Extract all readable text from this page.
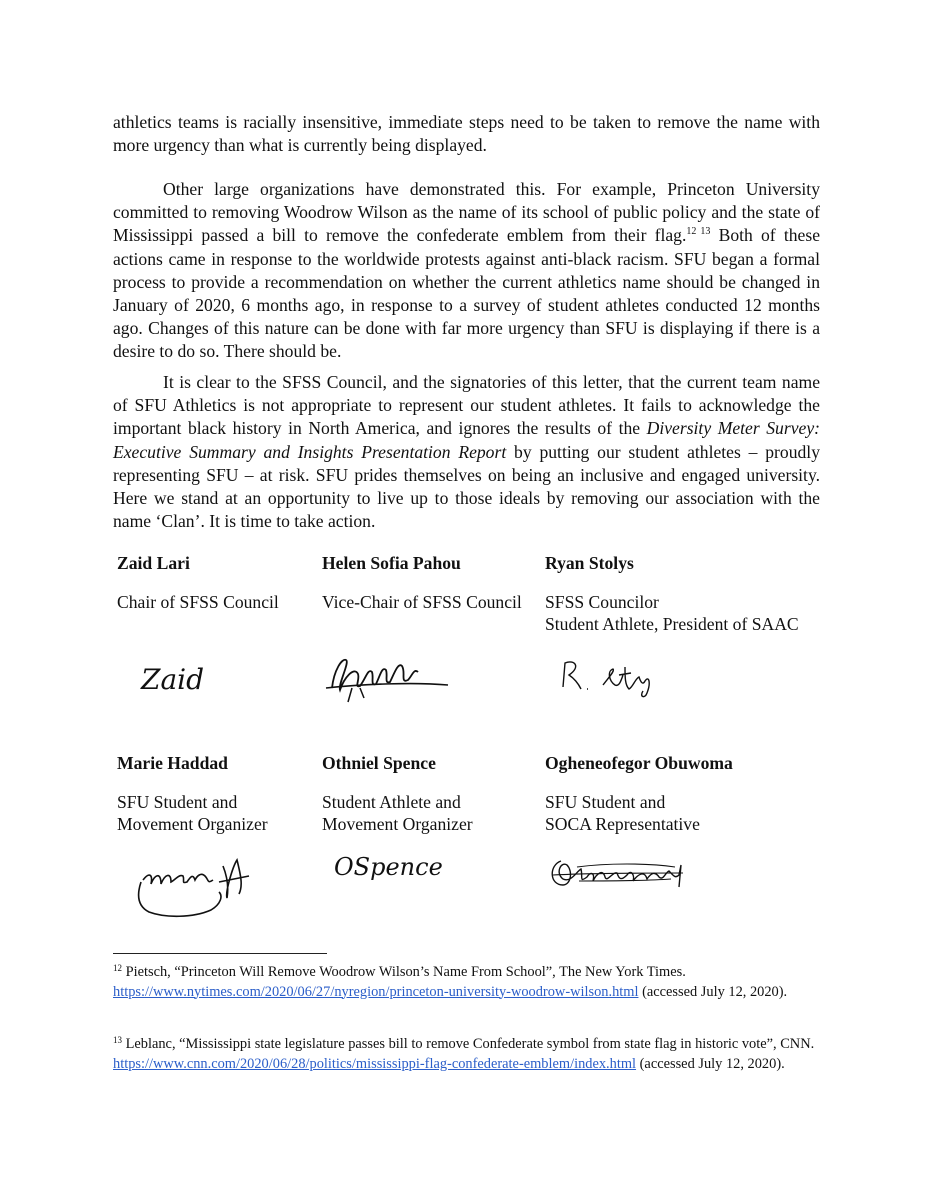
athletics teams is racially insensitive, immediate steps need to be taken to remove the name with more urgency than what is currently being displayed.

Other large organizations have demonstrated this. For example, Princeton University committed to removing Woodrow Wilson as the name of its school of public policy and the state of Mississippi passed a bill to remove the confederate emblem from their flag.$^{12}$ $^{13}$ Both of these actions came in response to the worldwide protests against anti-black racism. SFU began a formal process to provide a recommendation on whether the current athletics name should be changed in January of 2020, 6 months ago, in response to a survey of student athletes conducted 12 months ago. Changes of this nature can be done with far more urgency than SFU is displaying if there is a desire to do so. There should be.

It is clear to the SFSS Council, and the signatories of this letter, that the current team name of SFU Athletics is not appropriate to represent our student athletes. It fails to acknowledge the important black history in North America, and ignores the results of the Diversity Meter Survey: Executive Summary and Insights Presentation Report by putting our student athletes – proudly representing SFU – at risk. SFU prides themselves on being an inclusive and engaged university. Here we stand at an opportunity to live up to those ideals by removing our association with the name ‘Clan’. It is time to take action.

Zaid Lari
Chair of SFSS Council
Zaid
Helen Sofia Pahou
Vice-Chair of SFSS Council
Ryan Stolys
SFSS Councilor
Student Athlete, President of SAAC
Marie Haddad
SFU Student and
Movement Organizer
Othniel Spence
Student Athlete and
Movement Organizer
OSpence
Ogheneofegor Obuwoma
SFU Student and
SOCA Representative

$^{12}$ Pietsch, “Princeton Will Remove Woodrow Wilson’s Name From School”, The New York Times. https://www.nytimes.com/2020/06/27/nyregion/princeton-university-woodrow-wilson.html (accessed July 12, 2020).

$^{13}$ Leblanc, “Mississippi state legislature passes bill to remove Confederate symbol from state flag in historic vote”, CNN. https://www.cnn.com/2020/06/28/politics/mississippi-flag-confederate-emblem/index.html (accessed July 12, 2020).
